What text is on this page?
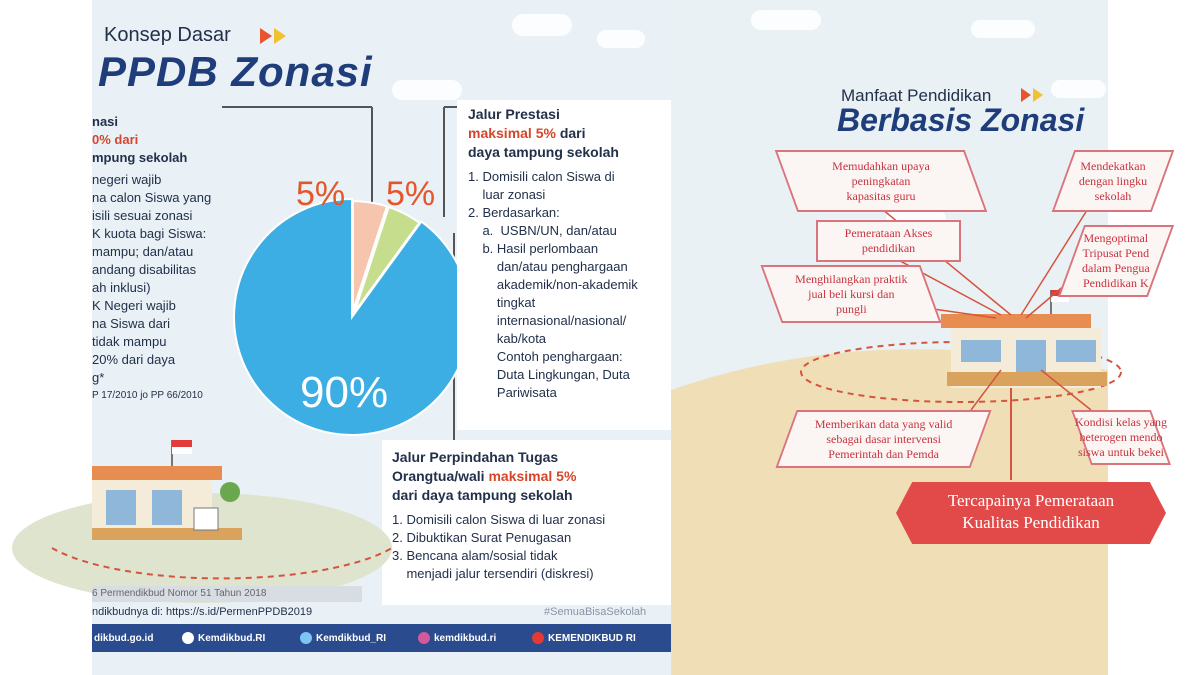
Konsep Dasar
PPDB Zonasi
nasi
0% dari
mpung sekolah
negeri wajib
na calon Siswa yang
isili sesuai zonasi
K kuota bagi Siswa:
mampu; dan/atau
andang disabilitas
ah inklusi)
K Negeri wajib
na Siswa dari
tidak mampu
20% dari daya
g*
P 17/2010 jo PP 66/2010
5% 5%
90%
Jalur Prestasi
maksimal 5% dari
daya tampung sekolah
1. Domisili calon Siswa di
luar zonasi
2. Berdasarkan:
a.  USBN/UN, dan/atau
b. Hasil perlombaan
dan/atau penghargaan
akademik/non-akademik
tingkat
internasional/nasional/
kab/kota
Contoh penghargaan:
Duta Lingkungan, Duta
Pariwisata
Jalur Perpindahan Tugas
Orangtua/wali maksimal 5%
dari daya tampung sekolah
1. Domisili calon Siswa di luar zonasi
2. Dibuktikan Surat Penugasan
3. Bencana alam/sosial tidak
menjadi jalur tersendiri (diskresi)
6 Permendikbud Nomor 51 Tahun 2018
ndikbudnya di: https://s.id/PermenPPDB2019	#SemuaBisaSekolah
dikbud.go.id	Kemdikbud.RI	Kemdikbud_RI	kemdikbud.ri	KEMENDIKBUD RI
Manfaat Pendidikan
Berbasis Zonasi
Memudahkan upaya
peningkatan
kapasitas guru
Pemerataan Akses
pendidikan
Menghilangkan praktik
jual beli kursi dan
pungli
Mendekatkan
dengan lingku
sekolah
Mengoptimal
Tripusat Pend
dalam Pengua
Pendidikan K
Memberikan data yang valid
sebagai dasar intervensi
Pemerintah dan Pemda
Kondisi kelas yang
heterogen mendo
siswa untuk bekei
Tercapainya Pemerataan
Kualitas Pendidikan
